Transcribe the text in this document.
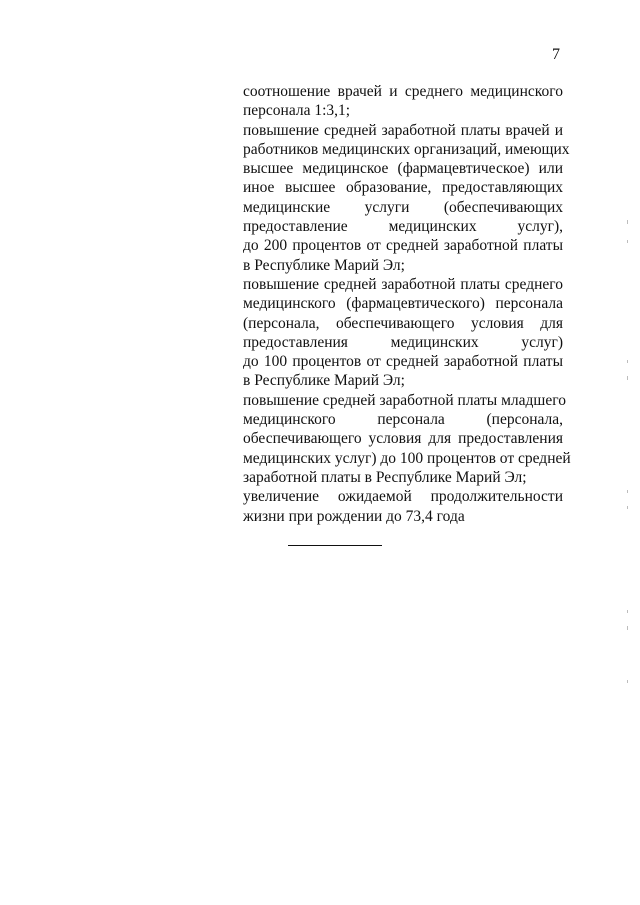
7
соотношение врачей и среднего медицинского
персонала 1:3,1;
повышение средней заработной платы врачей и
работников медицинских организаций, имеющих
высшее медицинское (фармацевтическое) или
иное высшее образование, предоставляющих
медицинские услуги (обеспечивающих
предоставление медицинских услуг),
до 200 процентов от средней заработной платы
в Республике Марий Эл;
повышение средней заработной платы среднего
медицинского (фармацевтического) персонала
(персонала, обеспечивающего условия для
предоставления медицинских услуг)
до 100 процентов от средней заработной платы
в Республике Марий Эл;
повышение средней заработной платы младшего
медицинского персонала (персонала,
обеспечивающего условия для предоставления
медицинских услуг) до 100 процентов от средней
заработной платы в Республике Марий Эл;
увеличение ожидаемой продолжительности
жизни при рождении до 73,4 года
